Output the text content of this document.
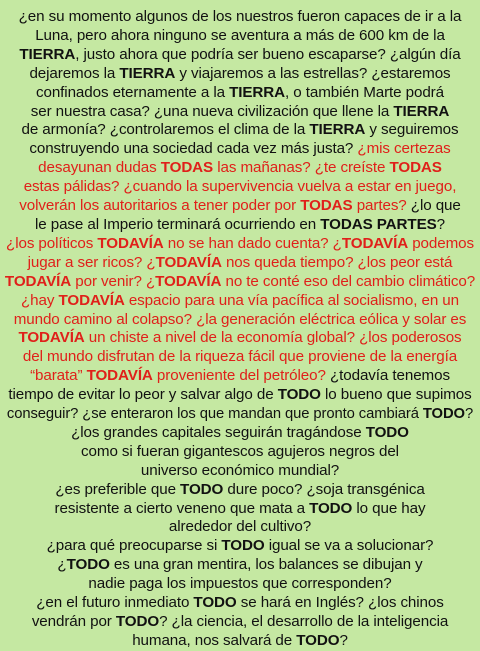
¿en su momento algunos de los nuestros fueron capaces de ir a la
Luna, pero ahora ninguno se aventura a más de 600 km de la
TIERRA, justo ahora que podría ser bueno escaparse? ¿algún día
dejaremos la TIERRA y viajaremos a las estrellas? ¿estaremos
confinados eternamente a la TIERRA, o también Marte podrá
ser nuestra casa? ¿una nueva civilización que llene la TIERRA
de armonía? ¿controlaremos el clima de la TIERRA y seguiremos
construyendo una sociedad cada vez más justa? ¿mis certezas
desayunan dudas TODAS las mañanas? ¿te creíste TODAS
estas pálidas? ¿cuando la supervivencia vuelva a estar en juego,
volverán los autoritarios a tener poder por TODAS partes? ¿lo que
le pase al Imperio terminará ocurriendo en TODAS PARTES?
¿los políticos TODAVÍA no se han dado cuenta? ¿TODAVÍA podemos
jugar a ser ricos? ¿TODAVÍA nos queda tiempo? ¿los peor está
TODAVÍA por venir? ¿TODAVÍA no te conté eso del cambio climático?
¿hay TODAVÍA espacio para una vía pacífica al socialismo, en un
mundo camino al colapso? ¿la generación eléctrica eólica y solar es
TODAVÍA un chiste a nivel de la economía global? ¿los poderosos
del mundo disfrutan de la riqueza fácil que proviene de la energía
“barata” TODAVÍA proveniente del petróleo? ¿todavía tenemos
tiempo de evitar lo peor y salvar algo de TODO lo bueno que supimos
conseguir? ¿se enteraron los que mandan que pronto cambiará TODO?
¿los grandes capitales seguirán tragándose TODO
como si fueran gigantescos agujeros negros del
universo económico mundial?
¿es preferible que TODO dure poco? ¿soja transgénica
resistente a cierto veneno que mata a TODO lo que hay
alrededor del cultivo?
¿para qué preocuparse si TODO igual se va a solucionar?
¿TODO es una gran mentira, los balances se dibujan y
nadie paga los impuestos que corresponden?
¿en el futuro inmediato TODO se hará en Inglés? ¿los chinos
vendrán por TODO? ¿la ciencia, el desarrollo de la inteligencia
humana, nos salvará de TODO?
